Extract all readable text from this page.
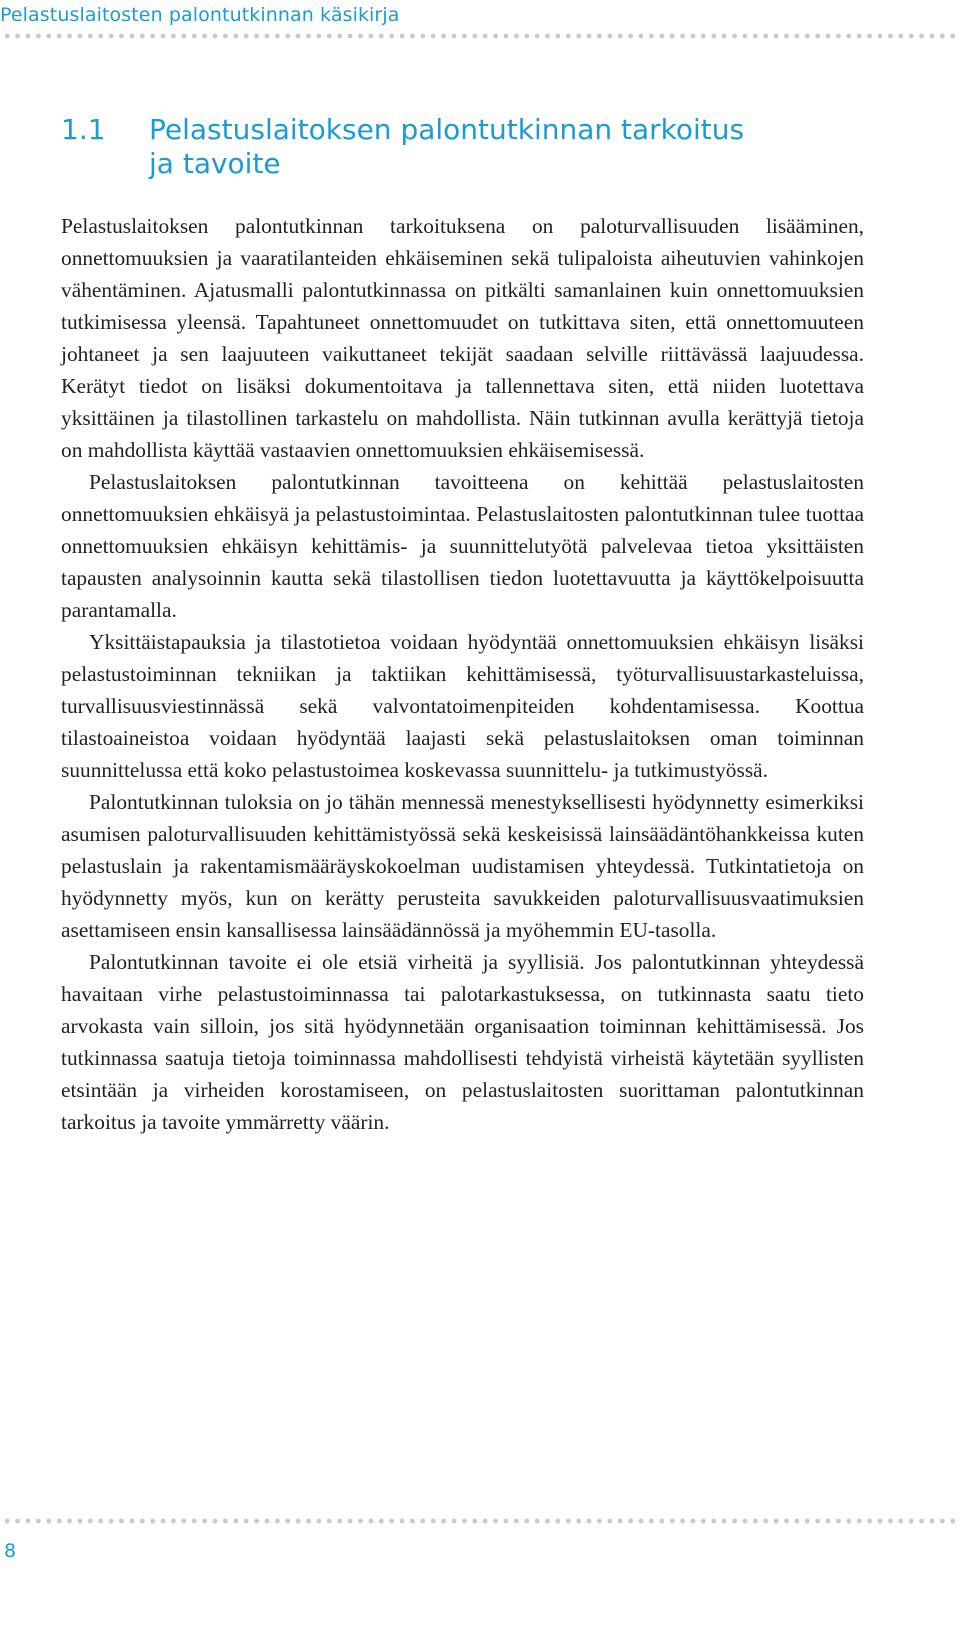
Pelastuslaitosten palontutkinnan käsikirja
1.1	Pelastuslaitoksen palontutkinnan tarkoitus
ja tavoite

Pelastuslaitoksen palontutkinnan tarkoituksena on paloturvallisuuden lisääminen, onnettomuuksien ja vaaratilanteiden ehkäiseminen sekä tulipaloista aiheutuvien vahinkojen vähentäminen. Ajatusmalli palontutkinnassa on pitkälti samanlainen kuin onnettomuuksien tutkimisessa yleensä. Tapahtuneet onnettomuudet on tutkittava siten, että onnettomuuteen johtaneet ja sen laajuuteen vaikuttaneet tekijät saadaan selville riittävässä laajuudessa. Kerätyt tiedot on lisäksi dokumentoitava ja tallennettava siten, että niiden luotettava yksittäinen ja tilastollinen tarkastelu on mahdollista. Näin tutkinnan avulla kerättyjä tietoja on mahdollista käyttää vastaavien onnettomuuksien ehkäisemisessä.

Pelastuslaitoksen palontutkinnan tavoitteena on kehittää pelastuslaitosten onnettomuuksien ehkäisyä ja pelastustoimintaa. Pelastuslaitosten palontutkinnan tulee tuottaa onnettomuuksien ehkäisyn kehittämis- ja suunnittelutyötä palvelevaa tietoa yksittäisten tapausten analysoinnin kautta sekä tilastollisen tiedon luotettavuutta ja käyttökelpoisuutta parantamalla.

Yksittäistapauksia ja tilastotietoa voidaan hyödyntää onnettomuuksien ehkäisyn lisäksi pelastustoiminnan tekniikan ja taktiikan kehittämisessä, työturvallisuustarkasteluissa, turvallisuusviestinnässä sekä valvontatoimenpiteiden kohdentamisessa. Koottua tilastoaineistoa voidaan hyödyntää laajasti sekä pelastuslaitoksen oman toiminnan suunnittelussa että koko pelastustoimea koskevassa suunnittelu- ja tutkimustyössä.

Palontutkinnan tuloksia on jo tähän mennessä menestyksellisesti hyödynnetty esimerkiksi asumisen paloturvallisuuden kehittämistyössä sekä keskeisissä lainsäädäntöhankkeissa kuten pelastuslain ja rakentamismääräyskokoelman uudistamisen yhteydessä. Tutkintatietoja on hyödynnetty myös, kun on kerätty perusteita savukkeiden paloturvallisuusvaatimuksien asettamiseen ensin kansallisessa lainsäädännössä ja myöhemmin EU-tasolla.

Palontutkinnan tavoite ei ole etsiä virheitä ja syyllisiä. Jos palontutkinnan yhteydessä havaitaan virhe pelastustoiminnassa tai palotarkastuksessa, on tutkinnasta saatu tieto arvokasta vain silloin, jos sitä hyödynnetään organisaation toiminnan kehittämisessä. Jos tutkinnassa saatuja tietoja toiminnassa mahdollisesti tehdyistä virheistä käytetään syyllisten etsintään ja virheiden korostamiseen, on pelastuslaitosten suorittaman palontutkinnan tarkoitus ja tavoite ymmärretty väärin.

8
